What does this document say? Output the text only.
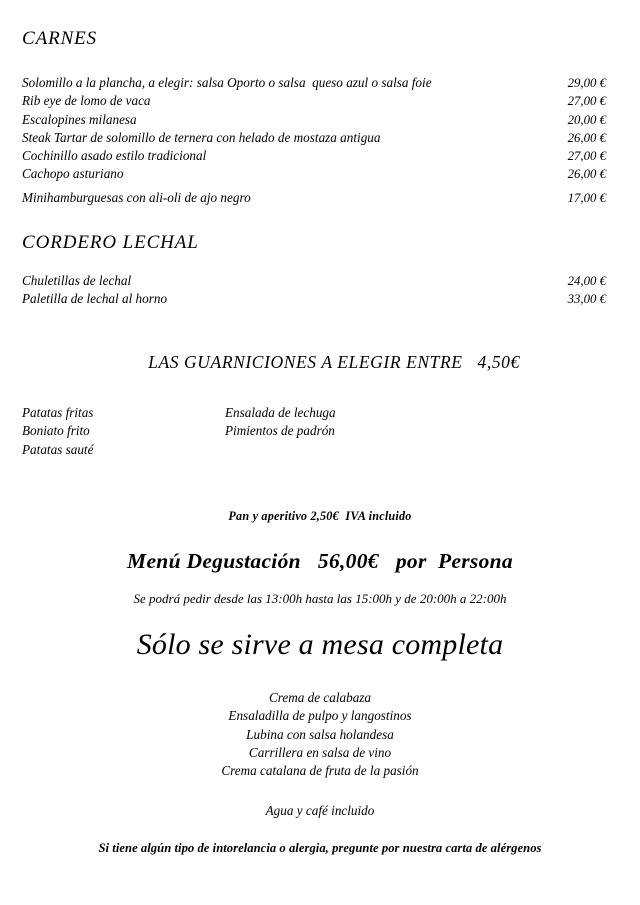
CARNES
Solomillo a la plancha, a elegir: salsa Oporto o salsa  queso azul o salsa foie	29,00 €
Rib eye de lomo de vaca	27,00 €
Escalopines milanesa	20,00 €
Steak Tartar de solomillo de ternera con helado de mostaza antigua	26,00 €
Cochinillo asado estilo tradicional	27,00 €
Cachopo asturiano	26,00 €
Minihamburguesas con ali-oli de ajo negro	17,00 €
CORDERO LECHAL
Chuletillas de lechal	24,00 €
Paletilla de lechal al horno	33,00 €
LAS GUARNICIONES A ELEGIR ENTRE   4,50€
Patatas fritas
Boniato frito
Patatas sauté
Ensalada de lechuga
Pimientos de padrón
Pan y aperitivo 2,50€  IVA incluido
Menú Degustación   56,00€   por  Persona
Se podrá pedir desde las 13:00h hasta las 15:00h y de 20:00h a 22:00h
Sólo se sirve a mesa completa
Crema de calabaza
Ensaladilla de pulpo y langostinos
Lubina con salsa holandesa
Carrillera en salsa de vino
Crema catalana de fruta de la pasión
Agua y café incluido
Si tiene algún tipo de intorelancia o alergia, pregunte por nuestra carta de alérgenos
